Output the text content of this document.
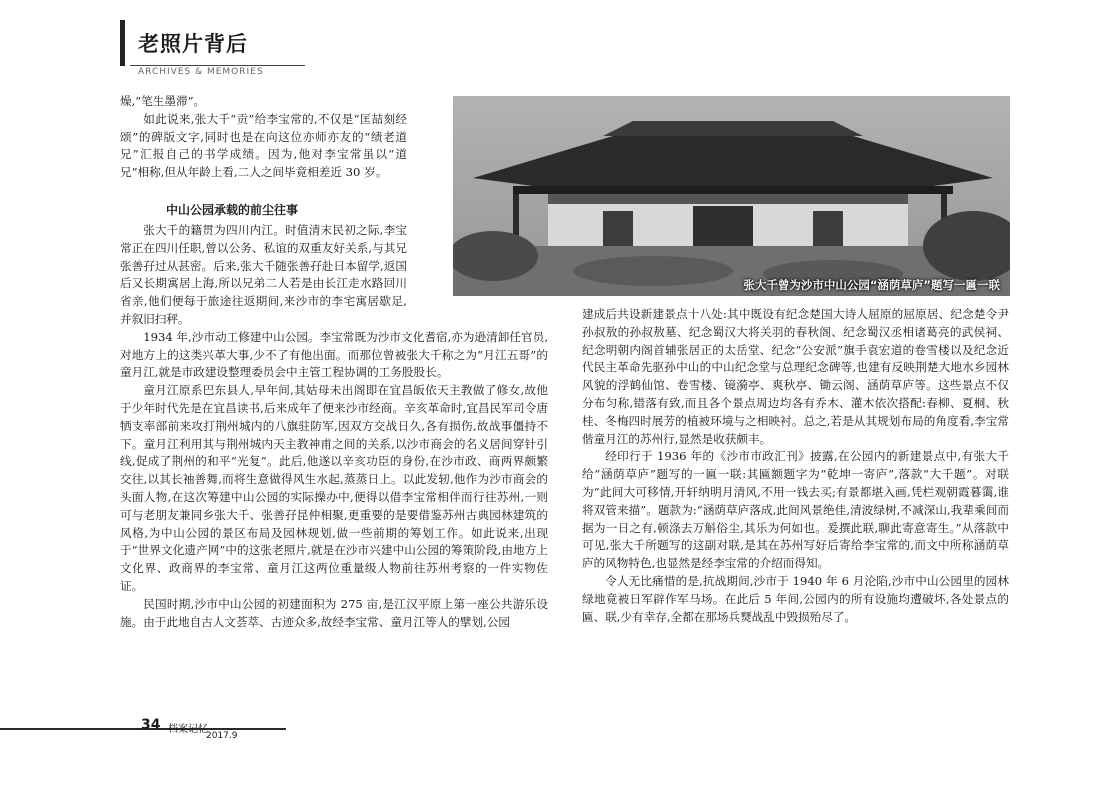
老照片背后
ARCHIVES & MEMORIES

燥,“笔生墨滞”。

如此说来,张大千“贡”给李宝常的,不仅是“匡喆刻经颂”的碑版文字,同时也是在向这位亦师亦友的“绩老道兄”汇报自己的书学成绩。因为,他对李宝常虽以“道兄”相称,但从年龄上看,二人之间毕竟相差近 30 岁。

中山公园承载的前尘往事

张大千的籍贯为四川内江。时值清末民初之际,李宝常正在四川任职,曾以公务、私谊的双重友好关系,与其兄张善孖过从甚密。后来,张大千随张善孖赴日本留学,返国后又长期寓居上海,所以兄弟二人若是由长江走水路回川省亲,他们便每于旅途往返期间,来沙市的李宅寓居歇足,并叙旧扫秤。

1934 年,沙市动工修建中山公园。李宝常既为沙市文化耆宿,亦为逊清卸任官员,对地方上的这类兴革大事,少不了有他出面。而那位曾被张大千称之为“月江五哥”的童月江,就是市政建设整理委员会中主管工程协调的工务股股长。

童月江原系巴东县人,早年间,其姑母未出阁即在宜昌皈依天主教做了修女,故他于少年时代先是在宜昌读书,后来成年了便来沙市经商。辛亥革命时,宜昌民军司令唐牺支率部前来攻打荆州城内的八旗驻防军,因双方交战日久,各有损伤,故战事僵持不下。童月江利用其与荆州城内天主教神甫之间的关系,以沙市商会的名义居间穿针引线,促成了荆州的和平“光复”。此后,他遂以辛亥功臣的身份,在沙市政、商两界颇繁交往,以其长袖善舞,而将生意做得风生水起,蒸蒸日上。以此发轫,他作为沙市商会的头面人物,在这次筹建中山公园的实际操办中,便得以借李宝常相伴而行往苏州,一则可与老朋友兼同乡张大千、张善孖昆仲相聚,更重要的是要借鉴苏州古典园林建筑的风格,为中山公园的景区布局及园林规划,做一些前期的筹划工作。如此说来,出现于“世界文化遗产网”中的这张老照片,就是在沙市兴建中山公园的筹策阶段,由地方上文化界、政商界的李宝常、童月江这两位重量级人物前往苏州考察的一件实物佐证。

民国时期,沙市中山公园的初建面积为 275 亩,是江汉平原上第一座公共游乐设施。由于此地自古人文荟萃、古迹众多,故经李宝常、童月江等人的擘划,公园

张大千曾为沙市中山公园“涵荫草庐”题写一匾一联

建成后共设新建景点十八处:其中既设有纪念楚国大诗人屈原的屈原居、纪念楚令尹孙叔敖的孙叔敖墓、纪念蜀汉大将关羽的春秋阁、纪念蜀汉丞相诸葛亮的武侯祠、纪念明朝内阁首辅张居正的太岳堂、纪念“公安派”旗手袁宏道的卷雪楼以及纪念近代民主革命先驱孙中山的中山纪念堂与总理纪念碑等,也建有反映荆楚大地水乡园林风貌的浮鹤仙馆、卷雪楼、镜漪亭、爽秋亭、锄云阁、涵荫草庐等。这些景点不仅分布匀称,错落有致,而且各个景点周边均各有乔木、灌木依次搭配:春柳、夏桐、秋桂、冬梅四时展芳的植被环境与之相映衬。总之,若是从其规划布局的角度看,李宝常偕童月江的苏州行,显然是收获颇丰。

经印行于 1936 年的《沙市市政汇刊》披露,在公园内的新建景点中,有张大千给“涵荫草庐”题写的一匾一联:其匾额题字为“乾坤一寄庐”,落款“大千题”。对联为“此间大可移情,开轩纳明月清风,不用一钱去买;有景都堪入画,凭栏观朝霞暮霭,谁将双管来描”。题款为:“涵荫草庐落成,此间风景绝佳,清波绿树,不减深山,我辈乘间而据为一日之有,顿涤去万斛俗尘,其乐为何如也。爰撰此联,聊此寄意寄生。”从落款中可见,张大千所题写的这副对联,是其在苏州写好后寄给李宝常的,而文中所称涵荫草庐的风物特色,也显然是经李宝常的介绍而得知。

令人无比痛惜的是,抗战期间,沙市于 1940 年 6 月沦陷,沙市中山公园里的园林绿地竟被日军辟作军马场。在此后 5 年间,公园内的所有设施均遭破坏,各处景点的匾、联,少有幸存,全都在那场兵燹战乱中毁损殆尽了。

34 档案记忆
2017.9
